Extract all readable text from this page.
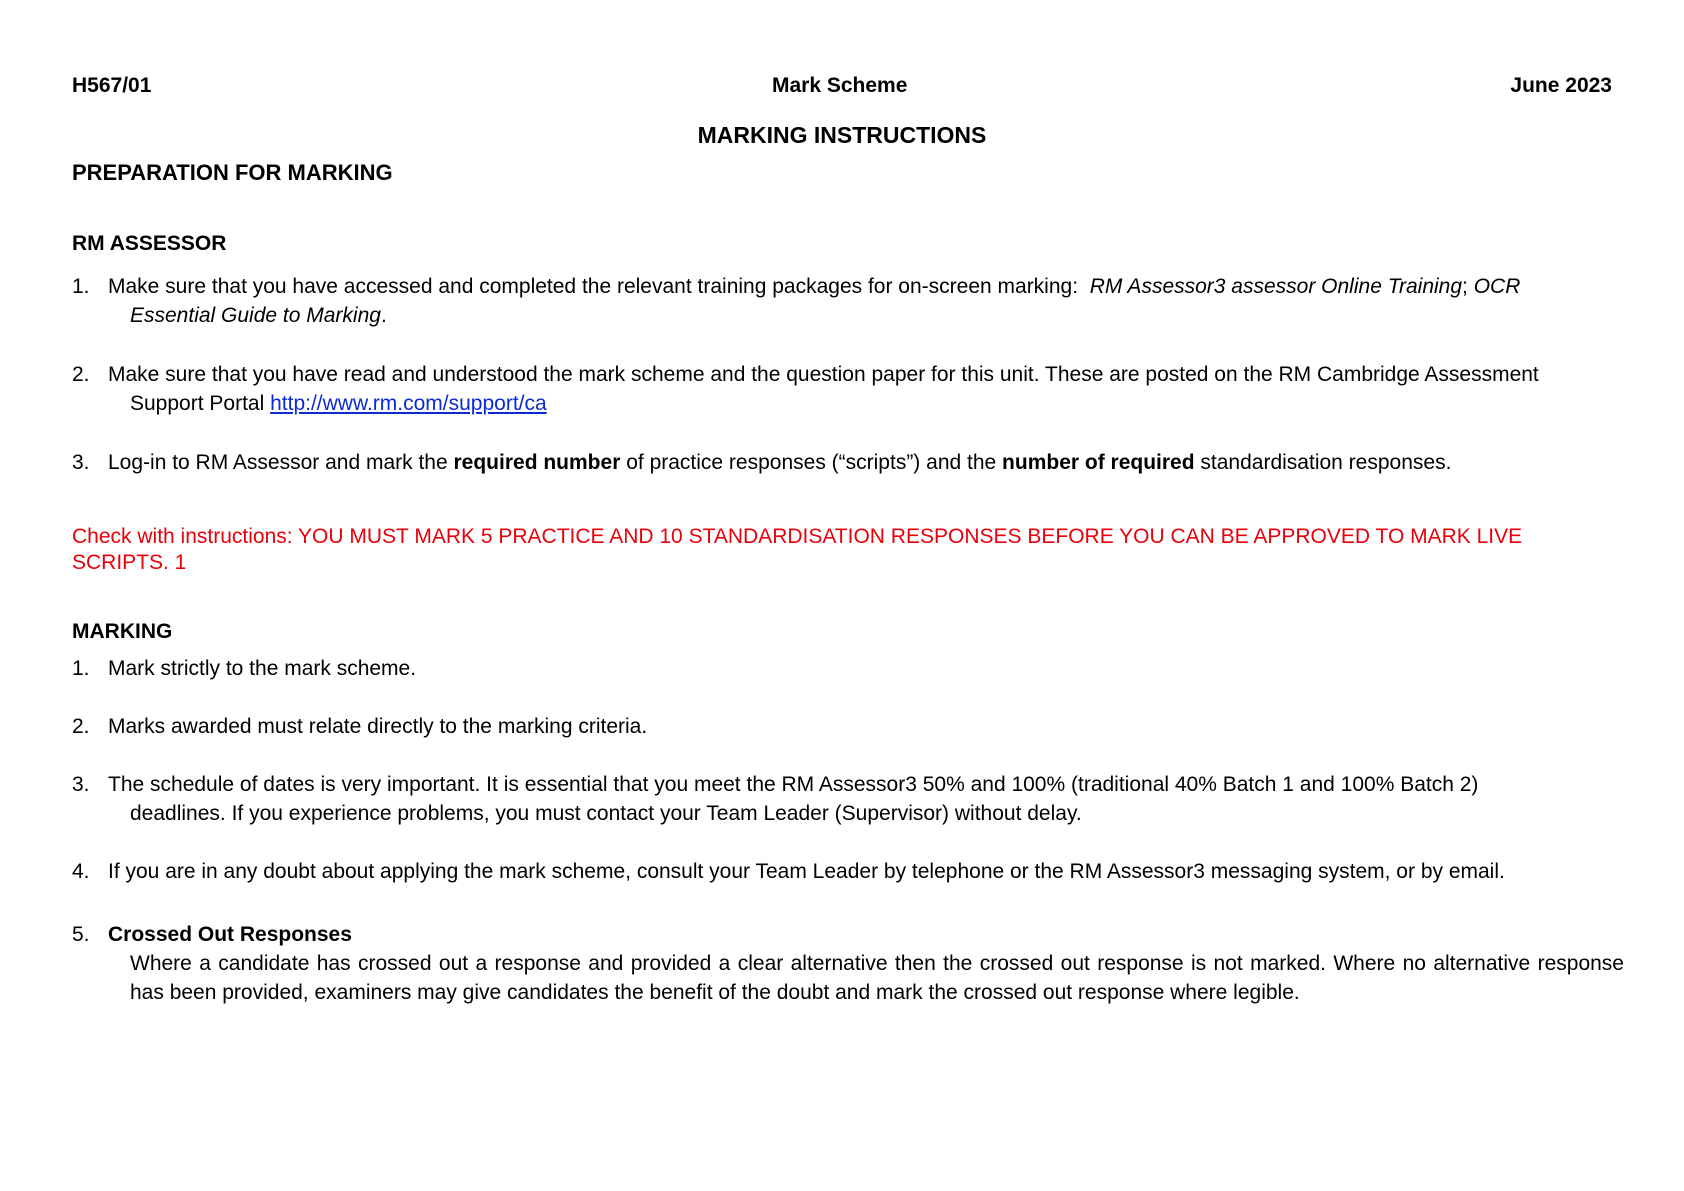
H567/01	Mark Scheme	June 2023
MARKING INSTRUCTIONS
PREPARATION FOR MARKING
RM ASSESSOR
1. Make sure that you have accessed and completed the relevant training packages for on-screen marking: RM Assessor3 assessor Online Training; OCR
Essential Guide to Marking.
2. Make sure that you have read and understood the mark scheme and the question paper for this unit. These are posted on the RM Cambridge Assessment
Support Portal http://www.rm.com/support/ca
3. Log-in to RM Assessor and mark the required number of practice responses (“scripts”) and the number of required standardisation responses.
Check with instructions: YOU MUST MARK 5 PRACTICE AND 10 STANDARDISATION RESPONSES BEFORE YOU CAN BE APPROVED TO MARK LIVE
SCRIPTS. 1
MARKING
1. Mark strictly to the mark scheme.
2. Marks awarded must relate directly to the marking criteria.
3. The schedule of dates is very important. It is essential that you meet the RM Assessor3 50% and 100% (traditional 40% Batch 1 and 100% Batch 2)
deadlines. If you experience problems, you must contact your Team Leader (Supervisor) without delay.
4. If you are in any doubt about applying the mark scheme, consult your Team Leader by telephone or the RM Assessor3 messaging system, or by email.
5. Crossed Out Responses
Where a candidate has crossed out a response and provided a clear alternative then the crossed out response is not marked. Where no alternative response has been provided, examiners may give candidates the benefit of the doubt and mark the crossed out response where legible.
